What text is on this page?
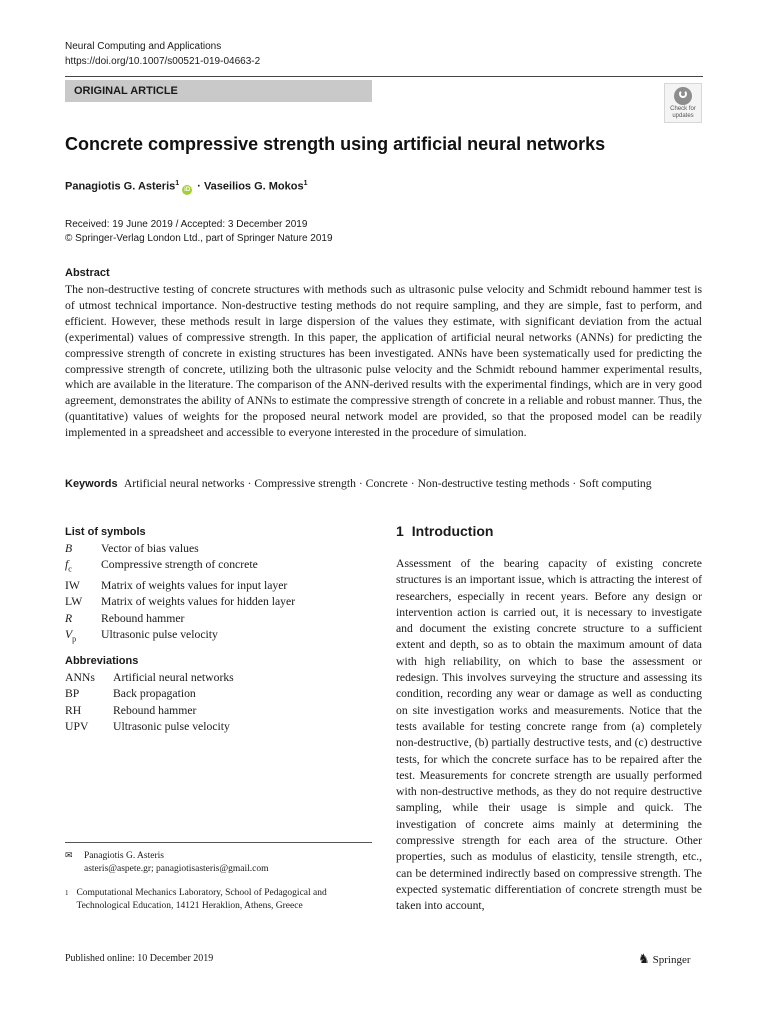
Neural Computing and Applications
https://doi.org/10.1007/s00521-019-04663-2
ORIGINAL ARTICLE
Check for
updates
Concrete compressive strength using artificial neural networks
Panagiotis G. Asteris$^1$iD · Vaseilios G. Mokos$^1$
Received: 19 June 2019 / Accepted: 3 December 2019
© Springer-Verlag London Ltd., part of Springer Nature 2019
Abstract
The non-destructive testing of concrete structures with methods such as ultrasonic pulse velocity and Schmidt rebound hammer test is of utmost technical importance. Non-destructive testing methods do not require sampling, and they are simple, fast to perform, and efficient. However, these methods result in large dispersion of the values they estimate, with significant deviation from the actual (experimental) values of compressive strength. In this paper, the application of artificial neural networks (ANNs) for predicting the compressive strength of concrete in existing structures has been investigated. ANNs have been systematically used for predicting the compressive strength of concrete, utilizing both the ultrasonic pulse velocity and the Schmidt rebound hammer experimental results, which are available in the literature. The comparison of the ANN-derived results with the experimental findings, which are in very good agreement, demonstrates the ability of ANNs to estimate the compressive strength of concrete in a reliable and robust manner. Thus, the (quantitative) values of weights for the proposed neural network model are provided, so that the proposed model can be readily implemented in a spreadsheet and accessible to everyone interested in the procedure of simulation.
Keywords Artificial neural networks · Compressive strength · Concrete · Non-destructive testing methods · Soft computing
List of symbols
B	Vector of bias values
$f_c$	Compressive strength of concrete
IW	Matrix of weights values for input layer
LW	Matrix of weights values for hidden layer
R	Rebound hammer
$V_p$	Ultrasonic pulse velocity
Abbreviations
ANNs	Artificial neural networks
BP	Back propagation
RH	Rebound hammer
UPV	Ultrasonic pulse velocity
✉ Panagiotis G. Asteris
asteris@aspete.gr; panagiotisasteris@gmail.com
1 Computational Mechanics Laboratory, School of Pedagogical and Technological Education, 14121 Heraklion, Athens, Greece
1 Introduction
Assessment of the bearing capacity of existing concrete structures is an important issue, which is attracting the interest of researchers, especially in recent years. Before any design or intervention action is carried out, it is necessary to investigate and document the existing concrete structure to a sufficient extent and depth, so as to obtain the maximum amount of data with high reliability, on which to base the assessment or redesign. This involves surveying the structure and assessing its condition, recording any wear or damage as well as conducting on site investigation works and measurements. Notice that the tests available for testing concrete range from (a) completely non-destructive, (b) partially destructive tests, and (c) destructive tests, for which the concrete surface has to be repaired after the test. Measurements for concrete strength are usually performed with non-destructive methods, as they do not require destructive sampling, while their usage is simple and quick. The investigation of concrete aims mainly at determining the compressive strength for each area of the structure. Other properties, such as modulus of elasticity, tensile strength, etc., can be determined indirectly based on compressive strength. The expected systematic differentiation of concrete strength must be taken into account,
Published online: 10 December 2019	♞ Springer
